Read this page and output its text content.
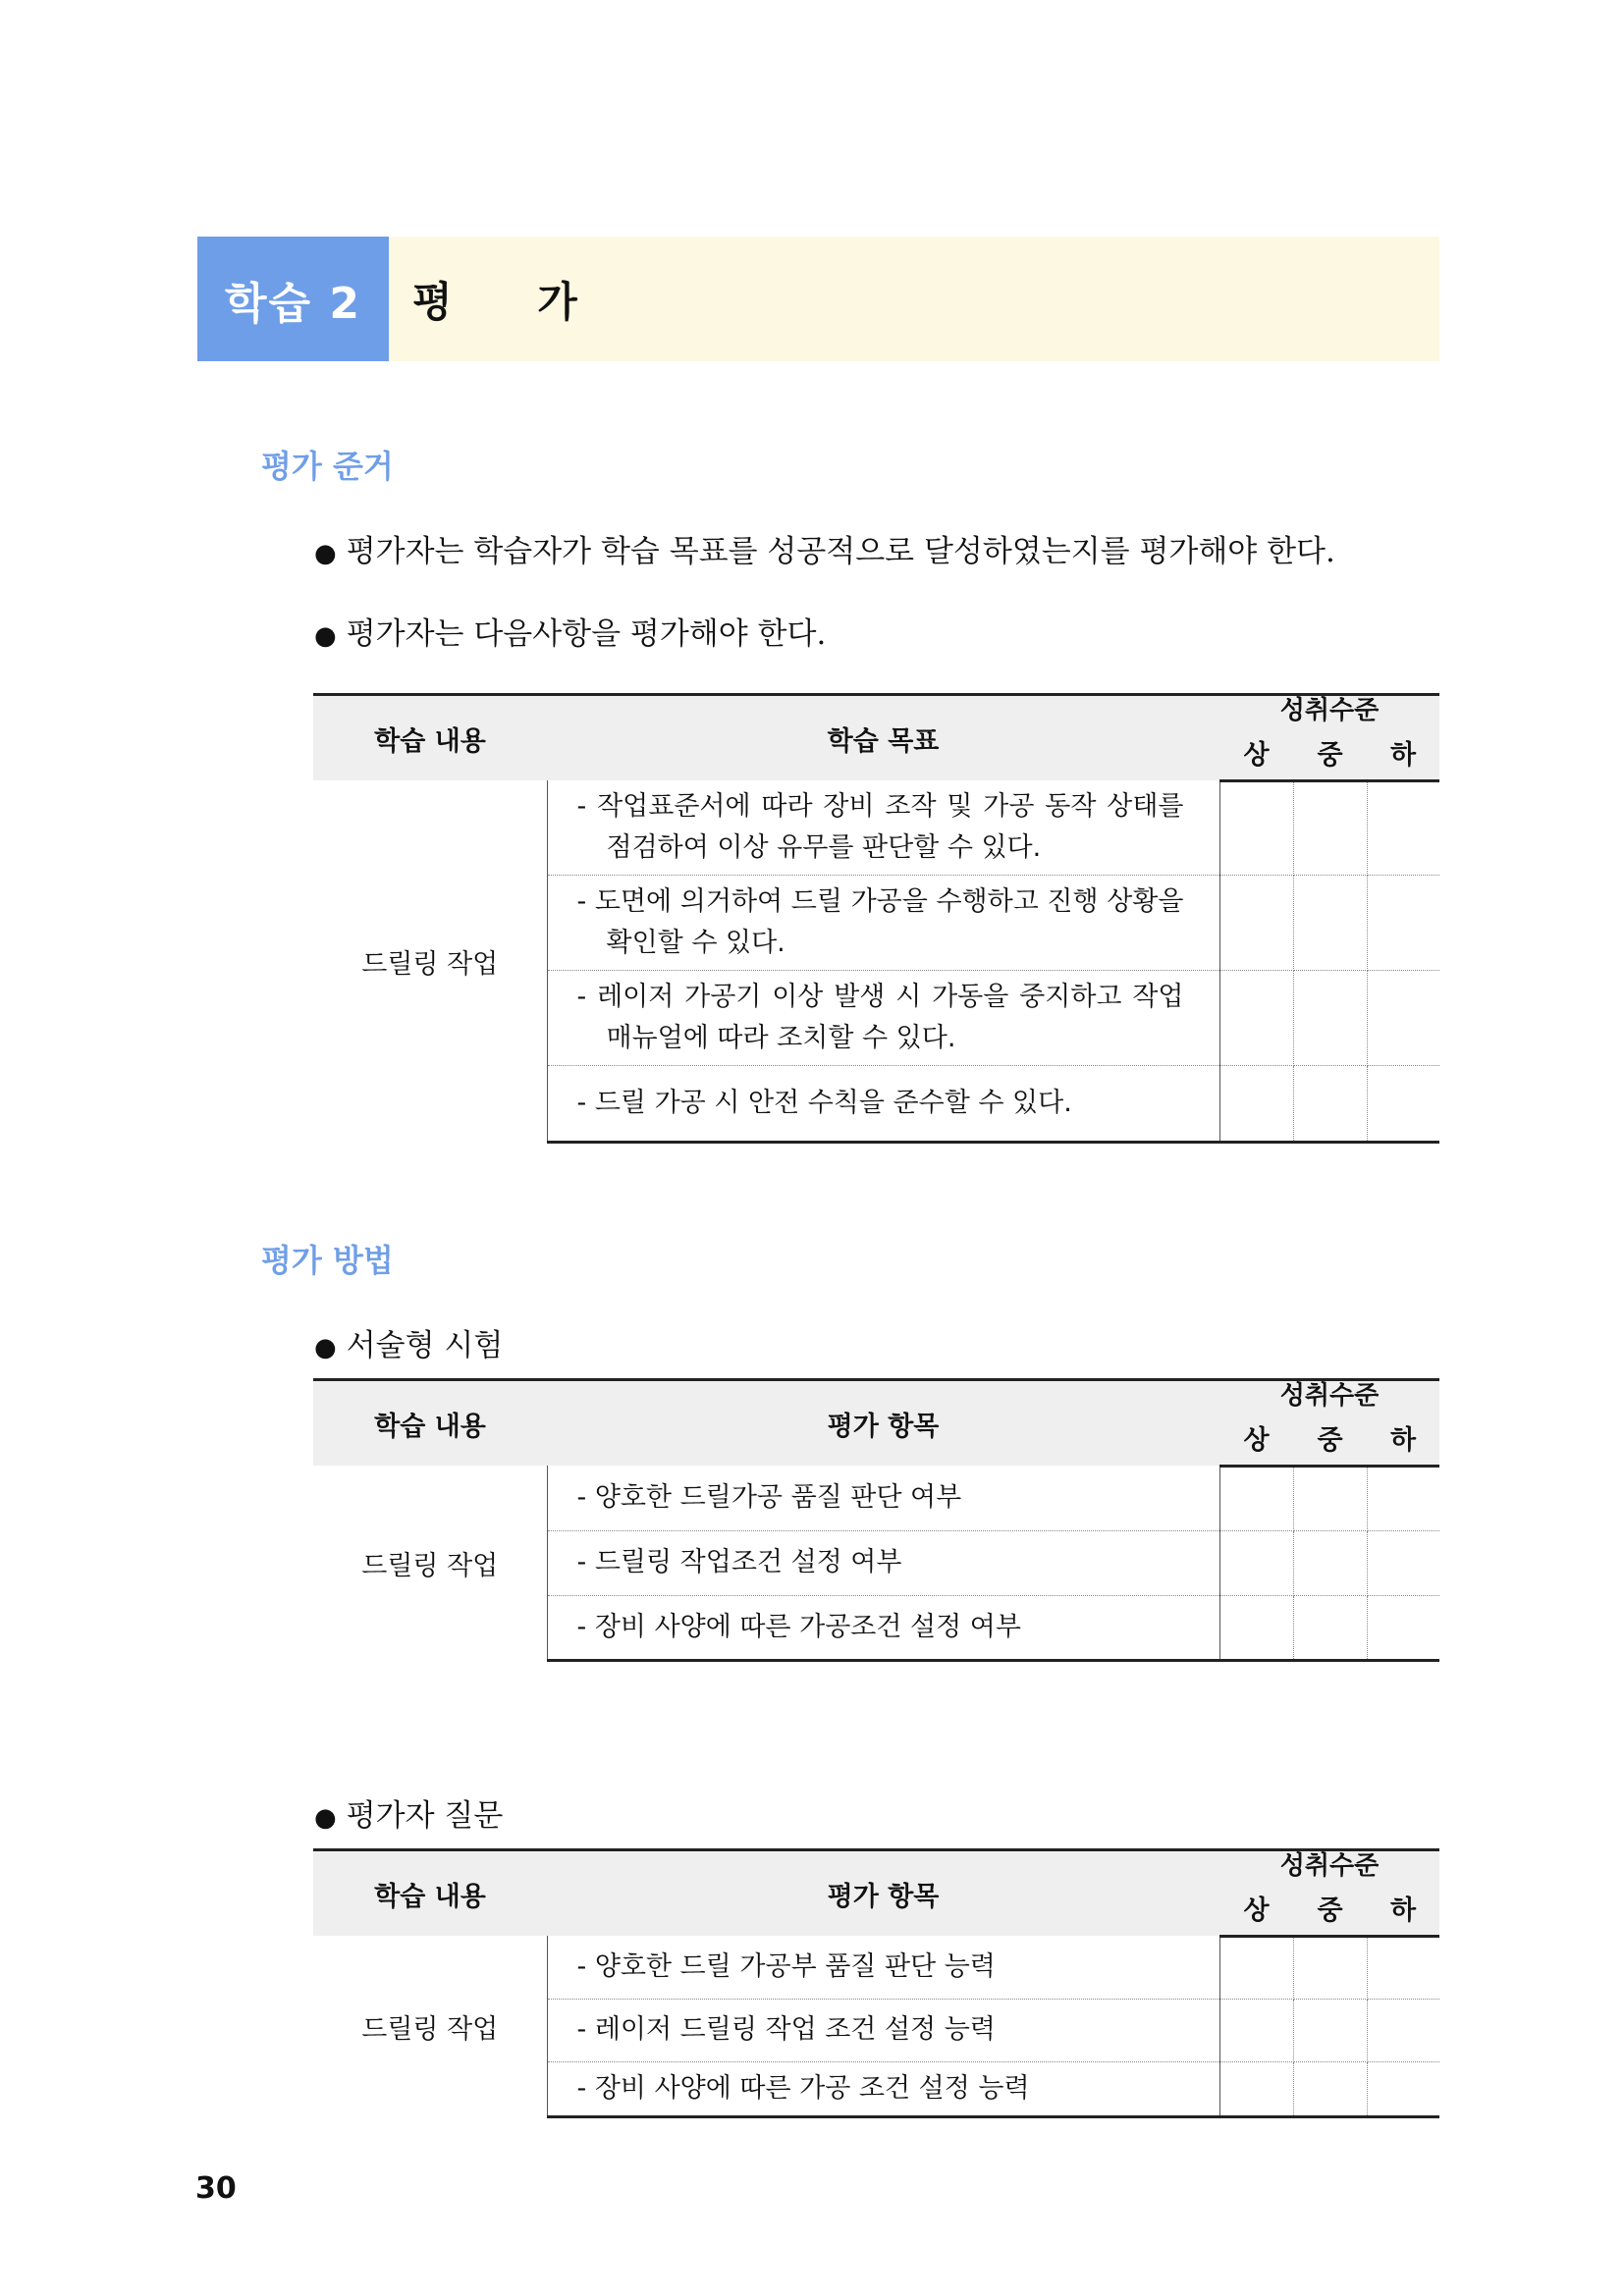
학습 2	평 가
평가 준거
● 평가자는 학습자가 학습 목표를 성공적으로 달성하였는지를 평가해야 한다.
● 평가자는 다음사항을 평가해야 한다.
학습 내용	학습 목표	성취수준		

		상	중	하
드릴링 작업	- 작업표준서에 따라 장비 조작 및 가공 동작 상태를 점검하여 이상 유무를 판단할 수 있다.			

	- 도면에 의거하여 드릴 가공을 수행하고 진행 상황을 확인할 수 있다.			

	- 레이저 가공기 이상 발생 시 가동을 중지하고 작업 매뉴얼에 따라 조치할 수 있다.			

	- 드릴 가공 시 안전 수칙을 준수할 수 있다.			

평가 방법
● 서술형 시험
학습 내용	평가 항목	성취수준		

		상	중	하
드릴링 작업	- 양호한 드릴가공 품질 판단 여부			

	- 드릴링 작업조건 설정 여부			

	- 장비 사양에 따른 가공조건 설정 여부			

● 평가자 질문
학습 내용	평가 항목	성취수준		

		상	중	하
드릴링 작업	- 양호한 드릴 가공부 품질 판단 능력			

	- 레이저 드릴링 작업 조건 설정 능력			

	- 장비 사양에 따른 가공 조건 설정 능력			

30
